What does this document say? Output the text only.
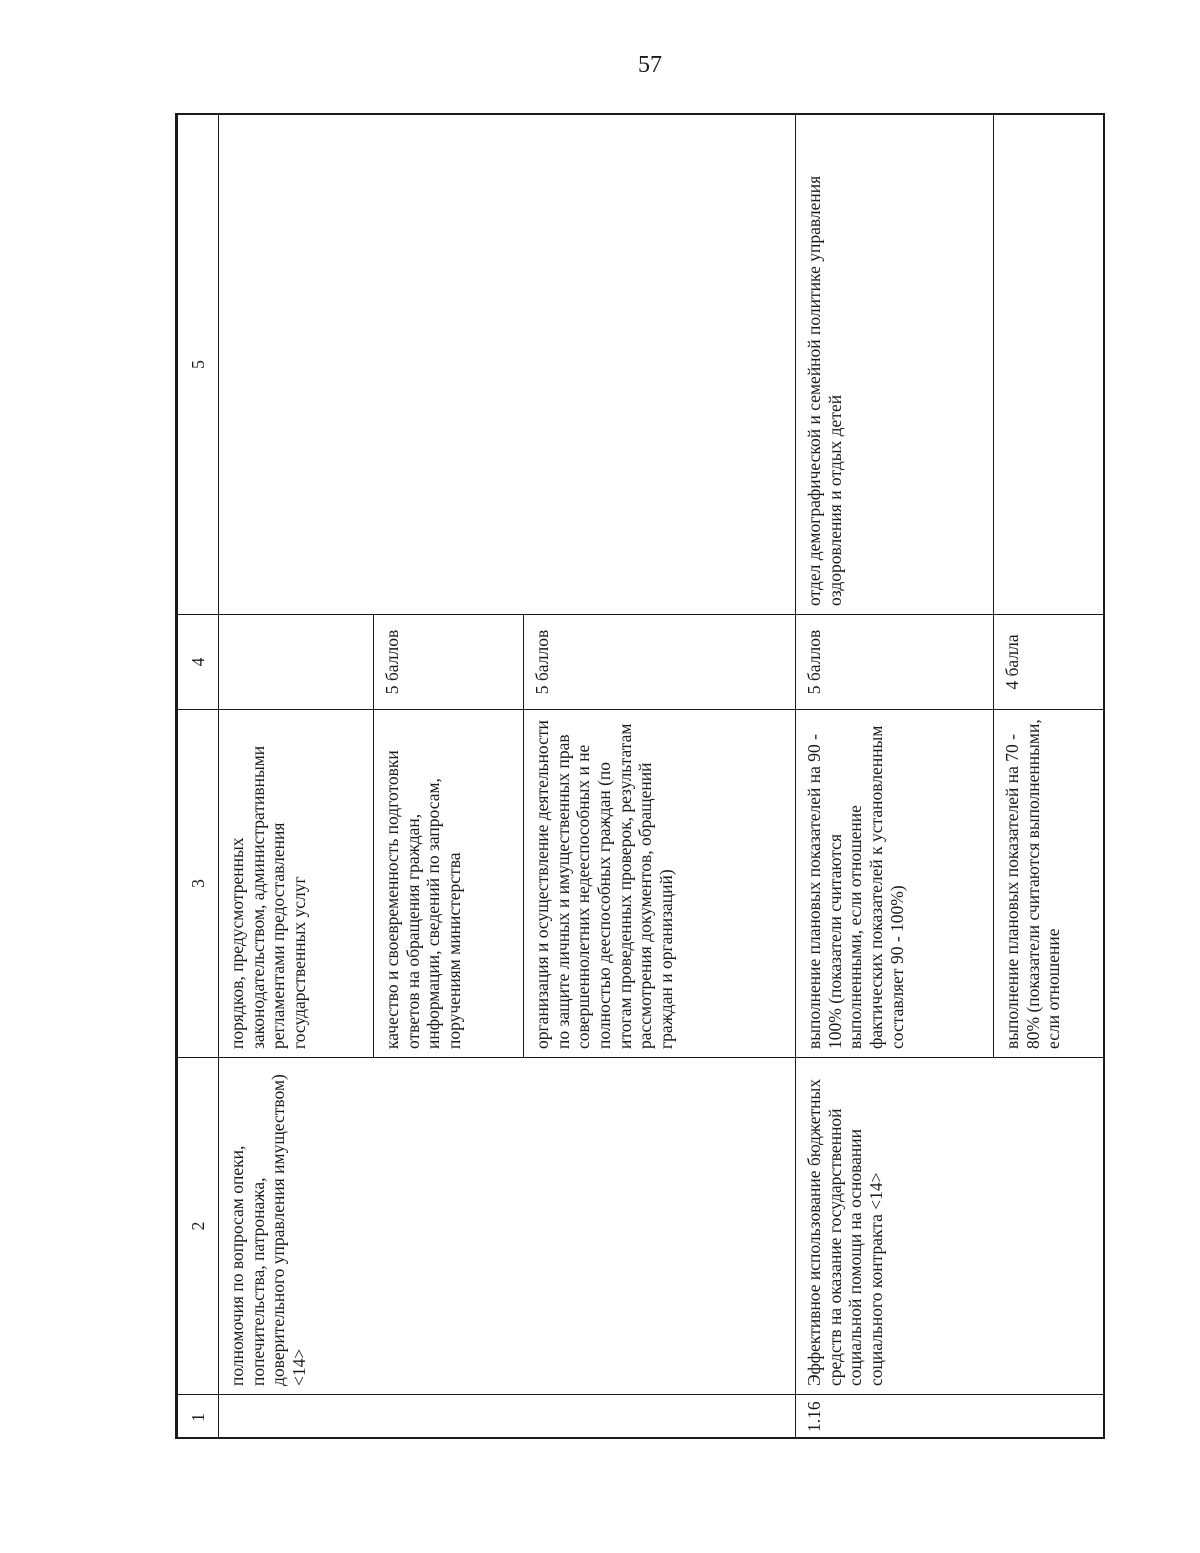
57
1	2	3	4	5
	полномочия по вопросам опеки, попечительства, патронажа, доверительного управления имуществом) <14>	порядков, предусмотренных законодательством, административными регламентами предоставления государственных услуг		
		качество и своевременность подготовки ответов на обращения граждан, информации, сведений по запросам, поручениям министерства	5 баллов	
		организация и осуществление деятельности по защите личных и имущественных прав совершеннолетних недееспособных и не полностью дееспособных граждан (по итогам проведенных проверок, результатам рассмотрения документов, обращений граждан и организаций)	5 баллов	
1.16	Эффективное использование бюджетных средств на оказание государственной социальной помощи на основании социального контракта <14>	выполнение плановых показателей на 90 - 100% (показатели считаются выполненными, если отношение фактических показателей к установленным составляет 90 - 100%)	5 баллов	отдел демографической и семейной политике управления оздоровления и отдых детей
		выполнение плановых показателей на 70 - 80% (показатели считаются выполненными, если отношение	4 балла	
